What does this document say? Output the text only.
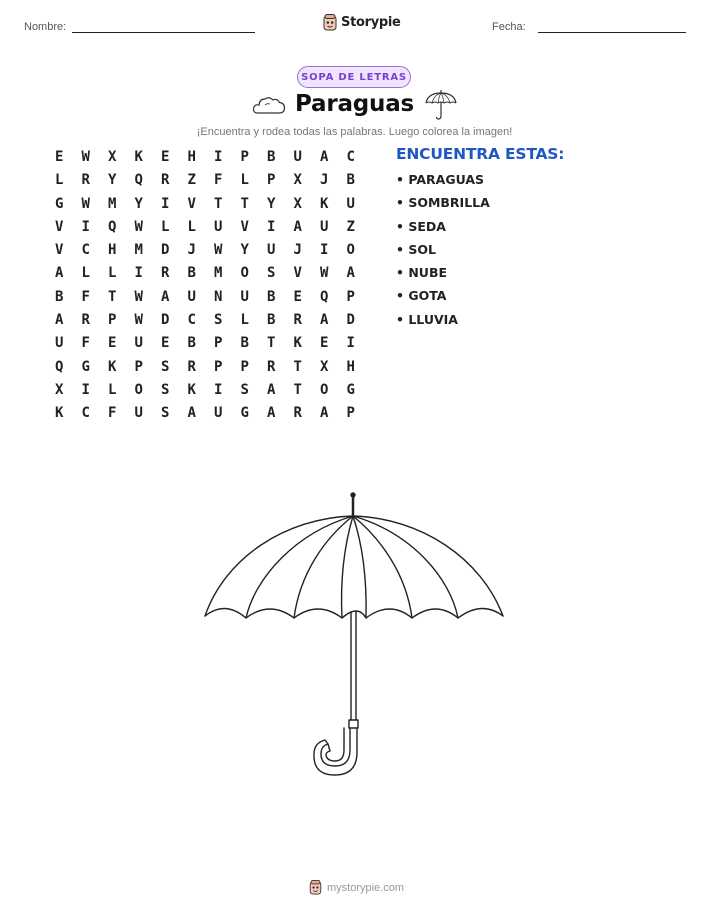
Nombre:	Storypie	Fecha:
SOPA DE LETRAS
Paraguas
¡Encuentra y rodea todas las palabras. Luego colorea la imagen!
E	W	X	K	E	H	I	P	B	U	A	C
L	R	Y	Q	R	Z	F	L	P	X	J	B
G	W	M	Y	I	V	T	T	Y	X	K	U
V	I	Q	W	L	L	U	V	I	A	U	Z
V	C	H	M	D	J	W	Y	U	J	I	O
A	L	L	I	R	B	M	O	S	V	W	A
B	F	T	W	A	U	N	U	B	E	Q	P
A	R	P	W	D	C	S	L	B	R	A	D
U	F	E	U	E	B	P	B	T	K	E	I
Q	G	K	P	S	R	P	P	R	T	X	H
X	I	L	O	S	K	I	S	A	T	O	G
K	C	F	U	S	A	U	G	A	R	A	P
ENCUENTRA ESTAS:
• PARAGUAS
• SOMBRILLA
• SEDA
• SOL
• NUBE
• GOTA
• LLUVIA
mystorypie.com
